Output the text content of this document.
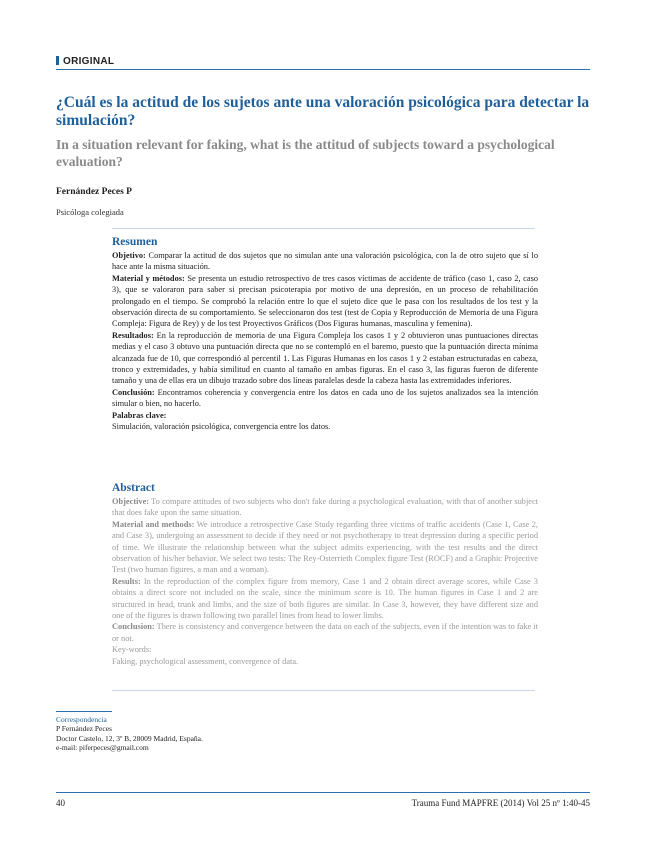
ORIGINAL
¿Cuál es la actitud de los sujetos ante una valoración psicológica para detectar la simulación?
In a situation relevant for faking, what is the attitud of subjects toward a psychological evaluation?
Fernández Peces P
Psicóloga colegiada
Resumen

Objetivo: Comparar la actitud de dos sujetos que no simulan ante una valoración psicológica, con la de otro sujeto que sí lo hace ante la misma situación.

Material y métodos: Se presenta un estudio retrospectivo de tres casos víctimas de accidente de tráfico (caso 1, caso 2, caso 3), que se valoraron para saber si precisan psicoterapia por motivo de una depresión, en un proceso de rehabilitación prolongado en el tiempo. Se comprobó la relación entre lo que el sujeto dice que le pasa con los resultados de los test y la observación directa de su comportamiento. Se seleccionaron dos test (test de Copia y Reproducción de Memoria de una Figura Compleja: Figura de Rey) y de los test Proyectivos Gráficos (Dos Figuras humanas, masculina y femenina).

Resultados: En la reproducción de memoria de una Figura Compleja los casos 1 y 2 obtuvieron unas puntuaciones directas medias y el caso 3 obtuvo una puntuación directa que no se contempló en el baremo, puesto que la puntuación directa mínima alcanzada fue de 10, que correspondió al percentil 1. Las Figuras Humanas en los casos 1 y 2 estaban estructuradas en cabeza, tronco y extremidades, y había similitud en cuanto al tamaño en ambas figuras. En el caso 3, las figuras fueron de diferente tamaño y una de ellas era un dibujo trazado sobre dos líneas paralelas desde la cabeza hasta las extremidades inferiores.

Conclusión: Encontramos coherencia y convergencia entre los datos en cada uno de los sujetos analizados sea la intención simular o bien, no hacerlo.

Palabras clave:

Simulación, valoración psicológica, convergencia entre los datos.

Abstract

Objective: To compare attitudes of two subjects who don't fake during a psychological evaluation, with that of another subject that does fake upon the same situation.

Material and methods: We introduce a retrospective Case Study regarding three victims of traffic accidents (Case 1, Case 2, and Case 3), undergoing an assessment to decide if they need or not psychotherapy to treat depression during a specific period of time. We illustrate the relationship between what the subject admits experiencing, with the test results and the direct observation of his/her behavior. We select two tests: The Rey-Osterrieth Complex figure Test (ROCF) and a Graphic Projective Test (two human figures, a man and a woman).

Results: In the reproduction of the complex figure from memory, Case 1 and 2 obtain direct average scores, while Case 3 obtains a direct score not included on the scale, since the minimum score is 10. The human figures in Case 1 and 2 are structured in head, trunk and limbs, and the size of both figures are similar. In Case 3, however, they have different size and one of the figures is drawn following two parallel lines from head to lower limbs.

Conclusion: There is consistency and convergence between the data on each of the subjects, even if the intention was to fake it or not.

Key-words:

Faking, psychological assessment, convergence of data.

Correspondencia
P Fernández Peces
Doctor Castelo, 12, 3º B, 28009 Madrid, España.
e-mail: piferpeces@gmail.com
40	Trauma Fund MAPFRE (2014) Vol 25 nº 1:40-45
